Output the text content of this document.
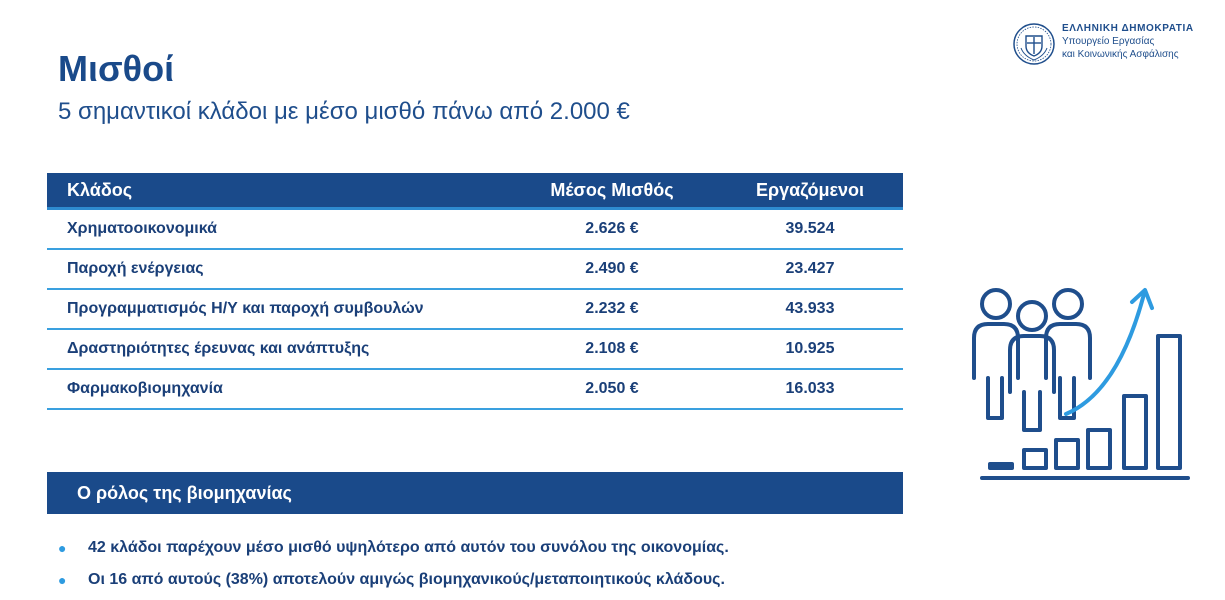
Μισθοί
5 σημαντικοί κλάδοι με μέσο μισθό πάνω από 2.000 €
ΕΛΛΗΝΙΚΗ ΔΗΜΟΚΡΑΤΙΑ
Υπουργείο Εργασίας
και Κοινωνικής Ασφάλισης
Κλάδος	Μέσος Μισθός	Εργαζόμενοι
Χρηματοοικονομικά	2.626 €	39.524
Παροχή ενέργειας	2.490 €	23.427
Προγραμματισμός Η/Υ και παροχή συμβουλών	2.232 €	43.933
Δραστηριότητες έρευνας και ανάπτυξης	2.108 €	10.925
Φαρμακοβιομηχανία	2.050 €	16.033
Ο ρόλος της βιομηχανίας
●	42 κλάδοι παρέχουν μέσο μισθό υψηλότερο από αυτόν του συνόλου της οικονομίας.
●	Οι 16 από αυτούς (38%) αποτελούν αμιγώς βιομηχανικούς/μεταποιητικούς κλάδους.
